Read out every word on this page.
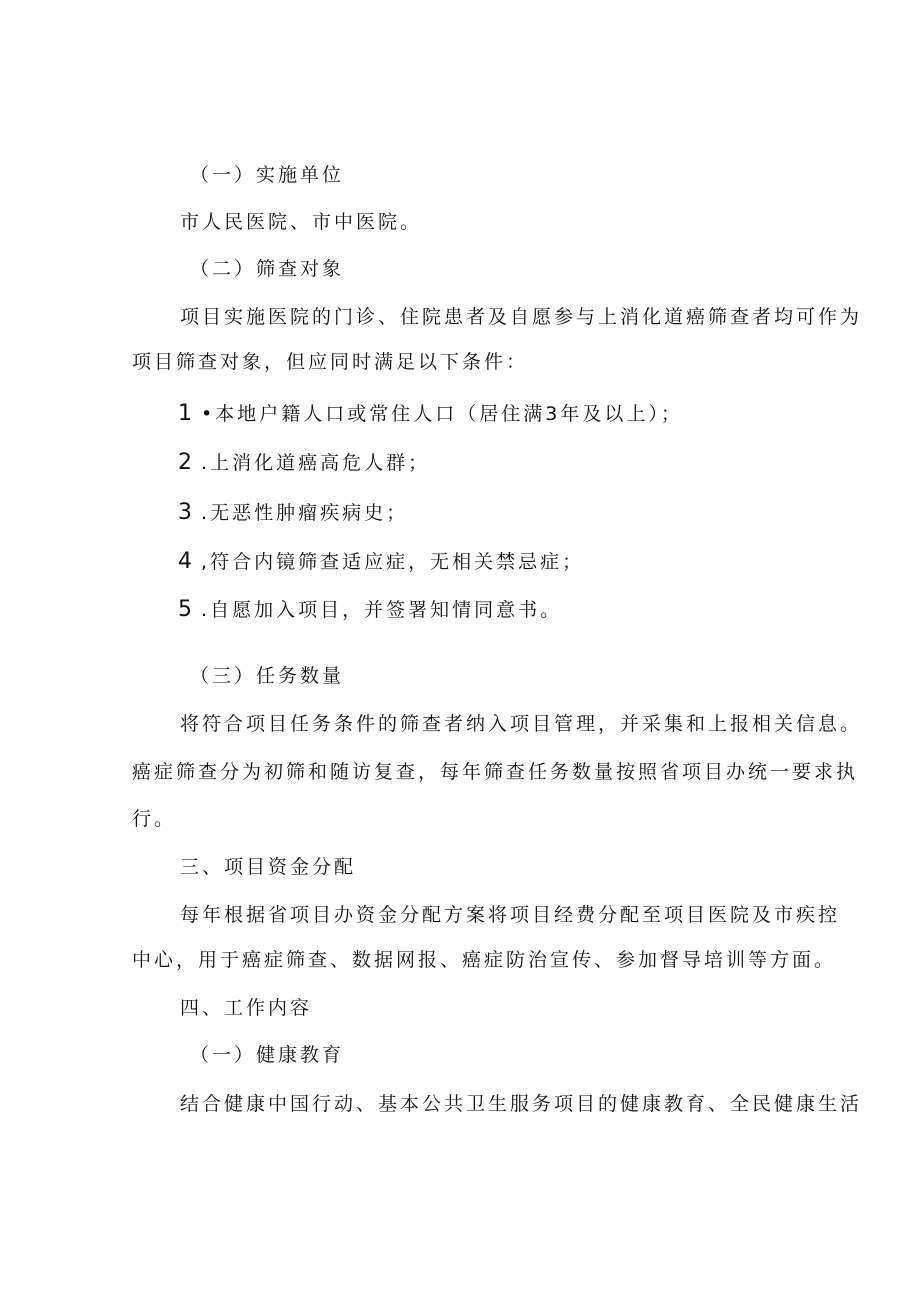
（一）实施单位
市人民医院、市中医院。
（二）筛查对象
项目实施医院的门诊、住院患者及自愿参与上消化道癌筛查者均可作为
项目筛查对象，但应同时满足以下条件：
1 •本地户籍人口或常住人口（居住满3年及以上）；
2 .上消化道癌高危人群；
3 .无恶性肿瘤疾病史；
4 ,符合内镜筛查适应症，无相关禁忌症；
5 .自愿加入项目，并签署知情同意书。
（三）任务数量
将符合项目任务条件的筛查者纳入项目管理，并采集和上报相关信息。
癌症筛查分为初筛和随访复查，每年筛查任务数量按照省项目办统一要求执
行。
三、项目资金分配
每年根据省项目办资金分配方案将项目经费分配至项目医院及市疾控
中心，用于癌症筛查、数据网报、癌症防治宣传、参加督导培训等方面。
四、工作内容
（一）健康教育
结合健康中国行动、基本公共卫生服务项目的健康教育、全民健康生活
